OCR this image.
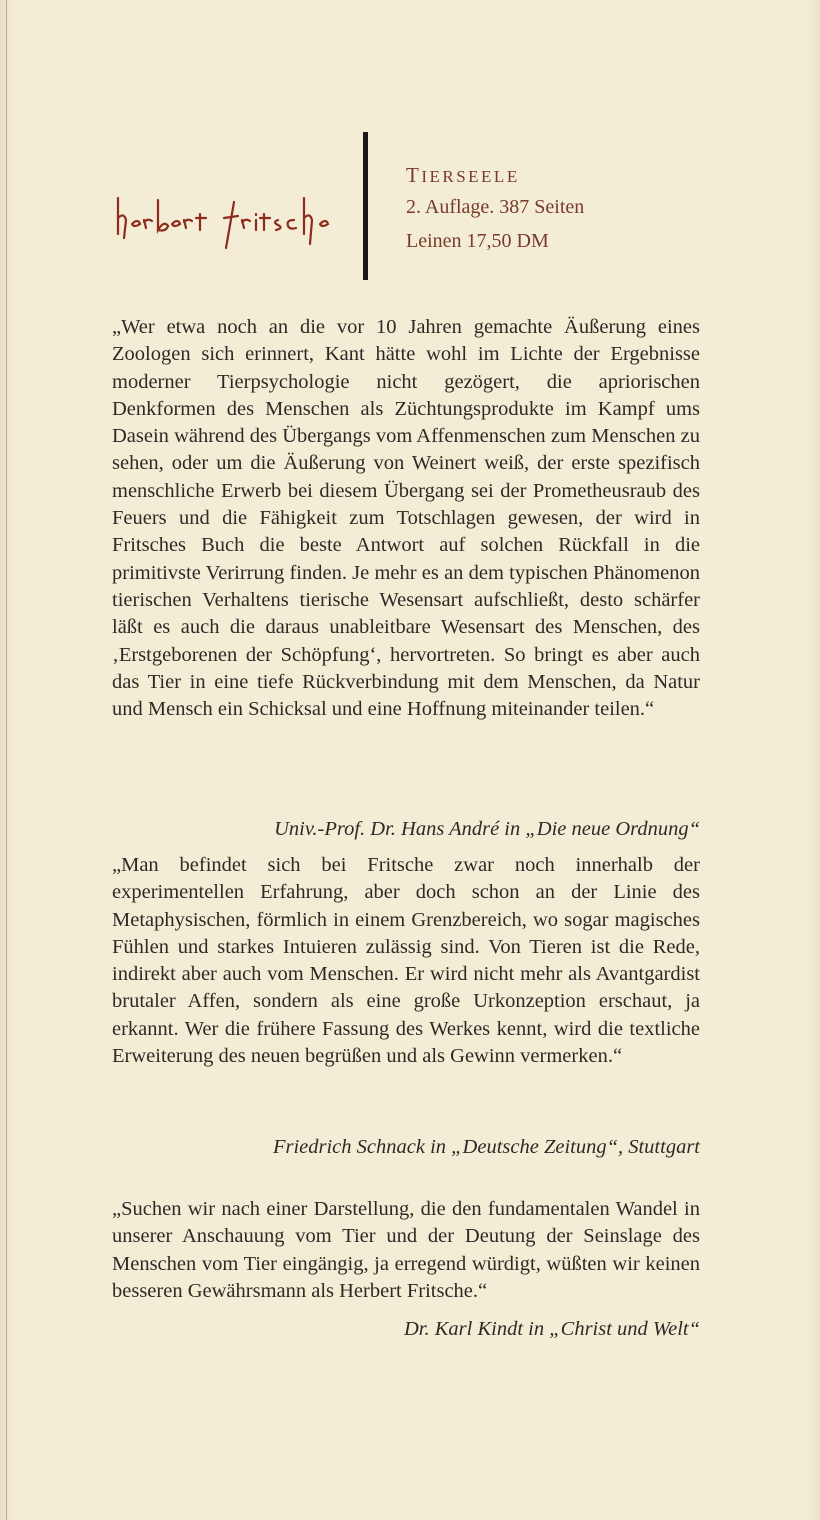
TIERSEELE

2. Auflage. 387 Seiten

Leinen 17,50 DM

„Wer etwa noch an die vor 10 Jahren gemachte Äußerung eines Zoologen sich erinnert, Kant hätte wohl im Lichte der Ergebnisse moderner Tierpsychologie nicht gezögert, die apriorischen Denkformen des Menschen als Züchtungsprodukte im Kampf ums Dasein während des Übergangs vom Affenmenschen zum Menschen zu sehen, oder um die Äußerung von Weinert weiß, der erste spezifisch menschliche Erwerb bei diesem Übergang sei der Prometheusraub des Feuers und die Fähigkeit zum Totschlagen gewesen, der wird in Fritsches Buch die beste Antwort auf solchen Rückfall in die primitivste Verirrung finden. Je mehr es an dem typischen Phänomenon tierischen Verhaltens tierische Wesensart aufschließt, desto schärfer läßt es auch die daraus unableitbare Wesensart des Menschen, des ‚Erstgeborenen der Schöpfung‘, hervortreten. So bringt es aber auch das Tier in eine tiefe Rückverbindung mit dem Menschen, da Natur und Mensch ein Schicksal und eine Hoffnung miteinander teilen.“

Univ.-Prof. Dr. Hans André in „Die neue Ordnung“

„Man befindet sich bei Fritsche zwar noch innerhalb der experimentellen Erfahrung, aber doch schon an der Linie des Metaphysischen, förmlich in einem Grenzbereich, wo sogar magisches Fühlen und starkes Intuieren zulässig sind. Von Tieren ist die Rede, indirekt aber auch vom Menschen. Er wird nicht mehr als Avantgardist brutaler Affen, sondern als eine große Urkonzeption erschaut, ja erkannt. Wer die frühere Fassung des Werkes kennt, wird die textliche Erweiterung des neuen begrüßen und als Gewinn vermerken.“

Friedrich Schnack in „Deutsche Zeitung“, Stuttgart

„Suchen wir nach einer Darstellung, die den fundamentalen Wandel in unserer Anschauung vom Tier und der Deutung der Seinslage des Menschen vom Tier eingängig, ja erregend würdigt, wüßten wir keinen besseren Gewährsmann als Herbert Fritsche.“

Dr. Karl Kindt in „Christ und Welt“
